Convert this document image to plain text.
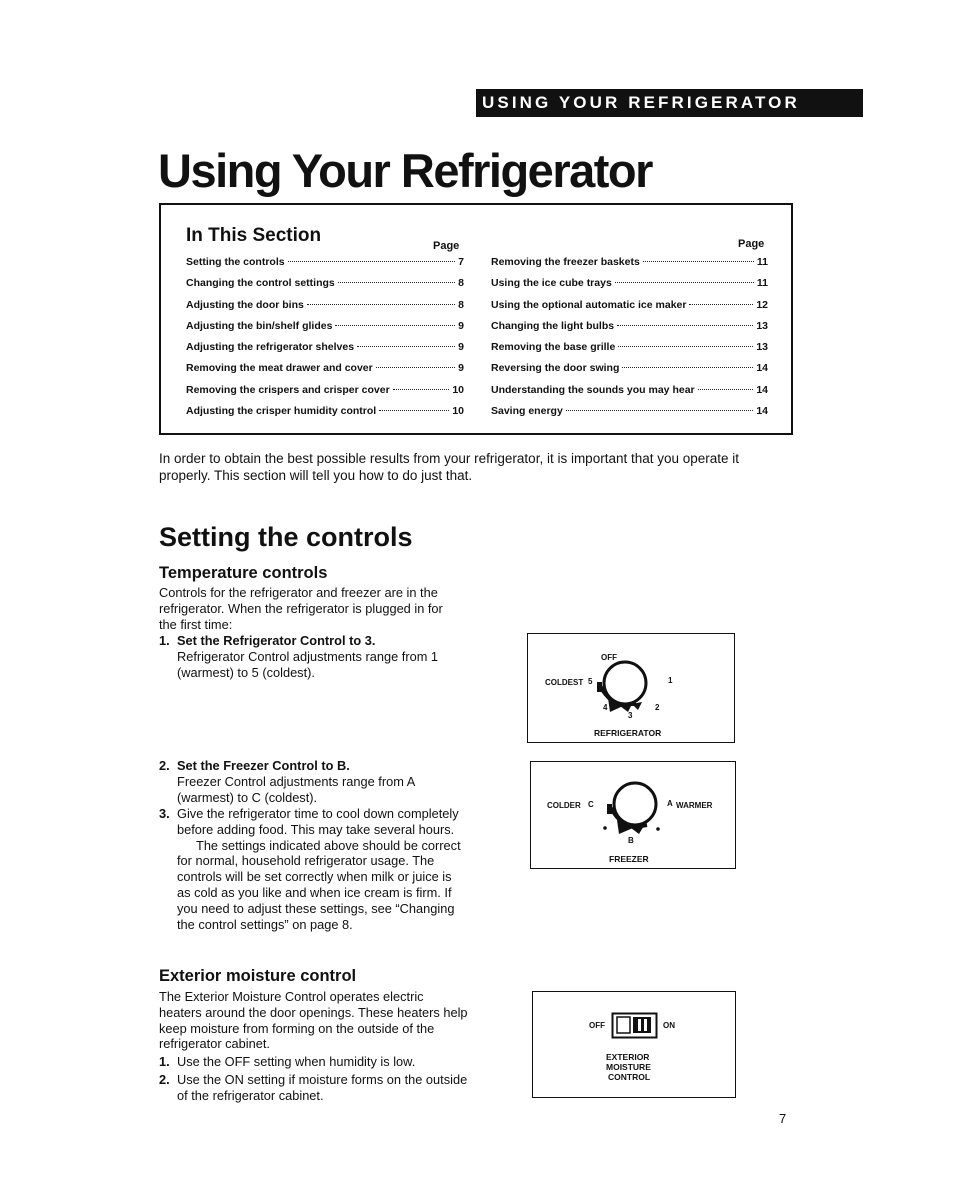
USING YOUR REFRIGERATOR
Using Your Refrigerator
In This Section	Page	Page
Setting the controls	7
Changing the control settings	8
Adjusting the door bins	8
Adjusting the bin/shelf glides	9
Adjusting the refrigerator shelves	9
Removing the meat drawer and cover	9
Removing the crispers and crisper cover	10
Adjusting the crisper humidity control	10
Removing the freezer baskets	11
Using the ice cube trays	11
Using the optional automatic ice maker	12
Changing the light bulbs	13
Removing the base grille	13
Reversing the door swing	14
Understanding the sounds you may hear	14
Saving energy	14
In order to obtain the best possible results from your refrigerator, it is important that you operate it properly. This section will tell you how to do just that.
Setting the controls
Temperature controls
Controls for the refrigerator and freezer are in the refrigerator. When the refrigerator is plugged in for the first time:
1. Set the Refrigerator Control to 3.
Refrigerator Control adjustments range from 1 (warmest) to 5 (coldest).
2. Set the Freezer Control to B.
Freezer Control adjustments range from A (warmest) to C (coldest).
3. Give the refrigerator time to cool down completely before adding food. This may take several hours.
The settings indicated above should be correct for normal, household refrigerator usage. The controls will be set correctly when milk or juice is as cold as you like and when ice cream is firm. If you need to adjust these settings, see “Changing the control settings” on page 8.
Exterior moisture control
The Exterior Moisture Control operates electric heaters around the door openings. These heaters help keep moisture from forming on the outside of the refrigerator cabinet.
1. Use the OFF setting when humidity is low.
2. Use the ON setting if moisture forms on the outside of the refrigerator cabinet.
OFF
COLDEST 5	1
4	2
3
REFRIGERATOR
COLDER C	A WARMER
B
FREEZER
OFF	ON
EXTERIOR
MOISTURE
CONTROL
7
